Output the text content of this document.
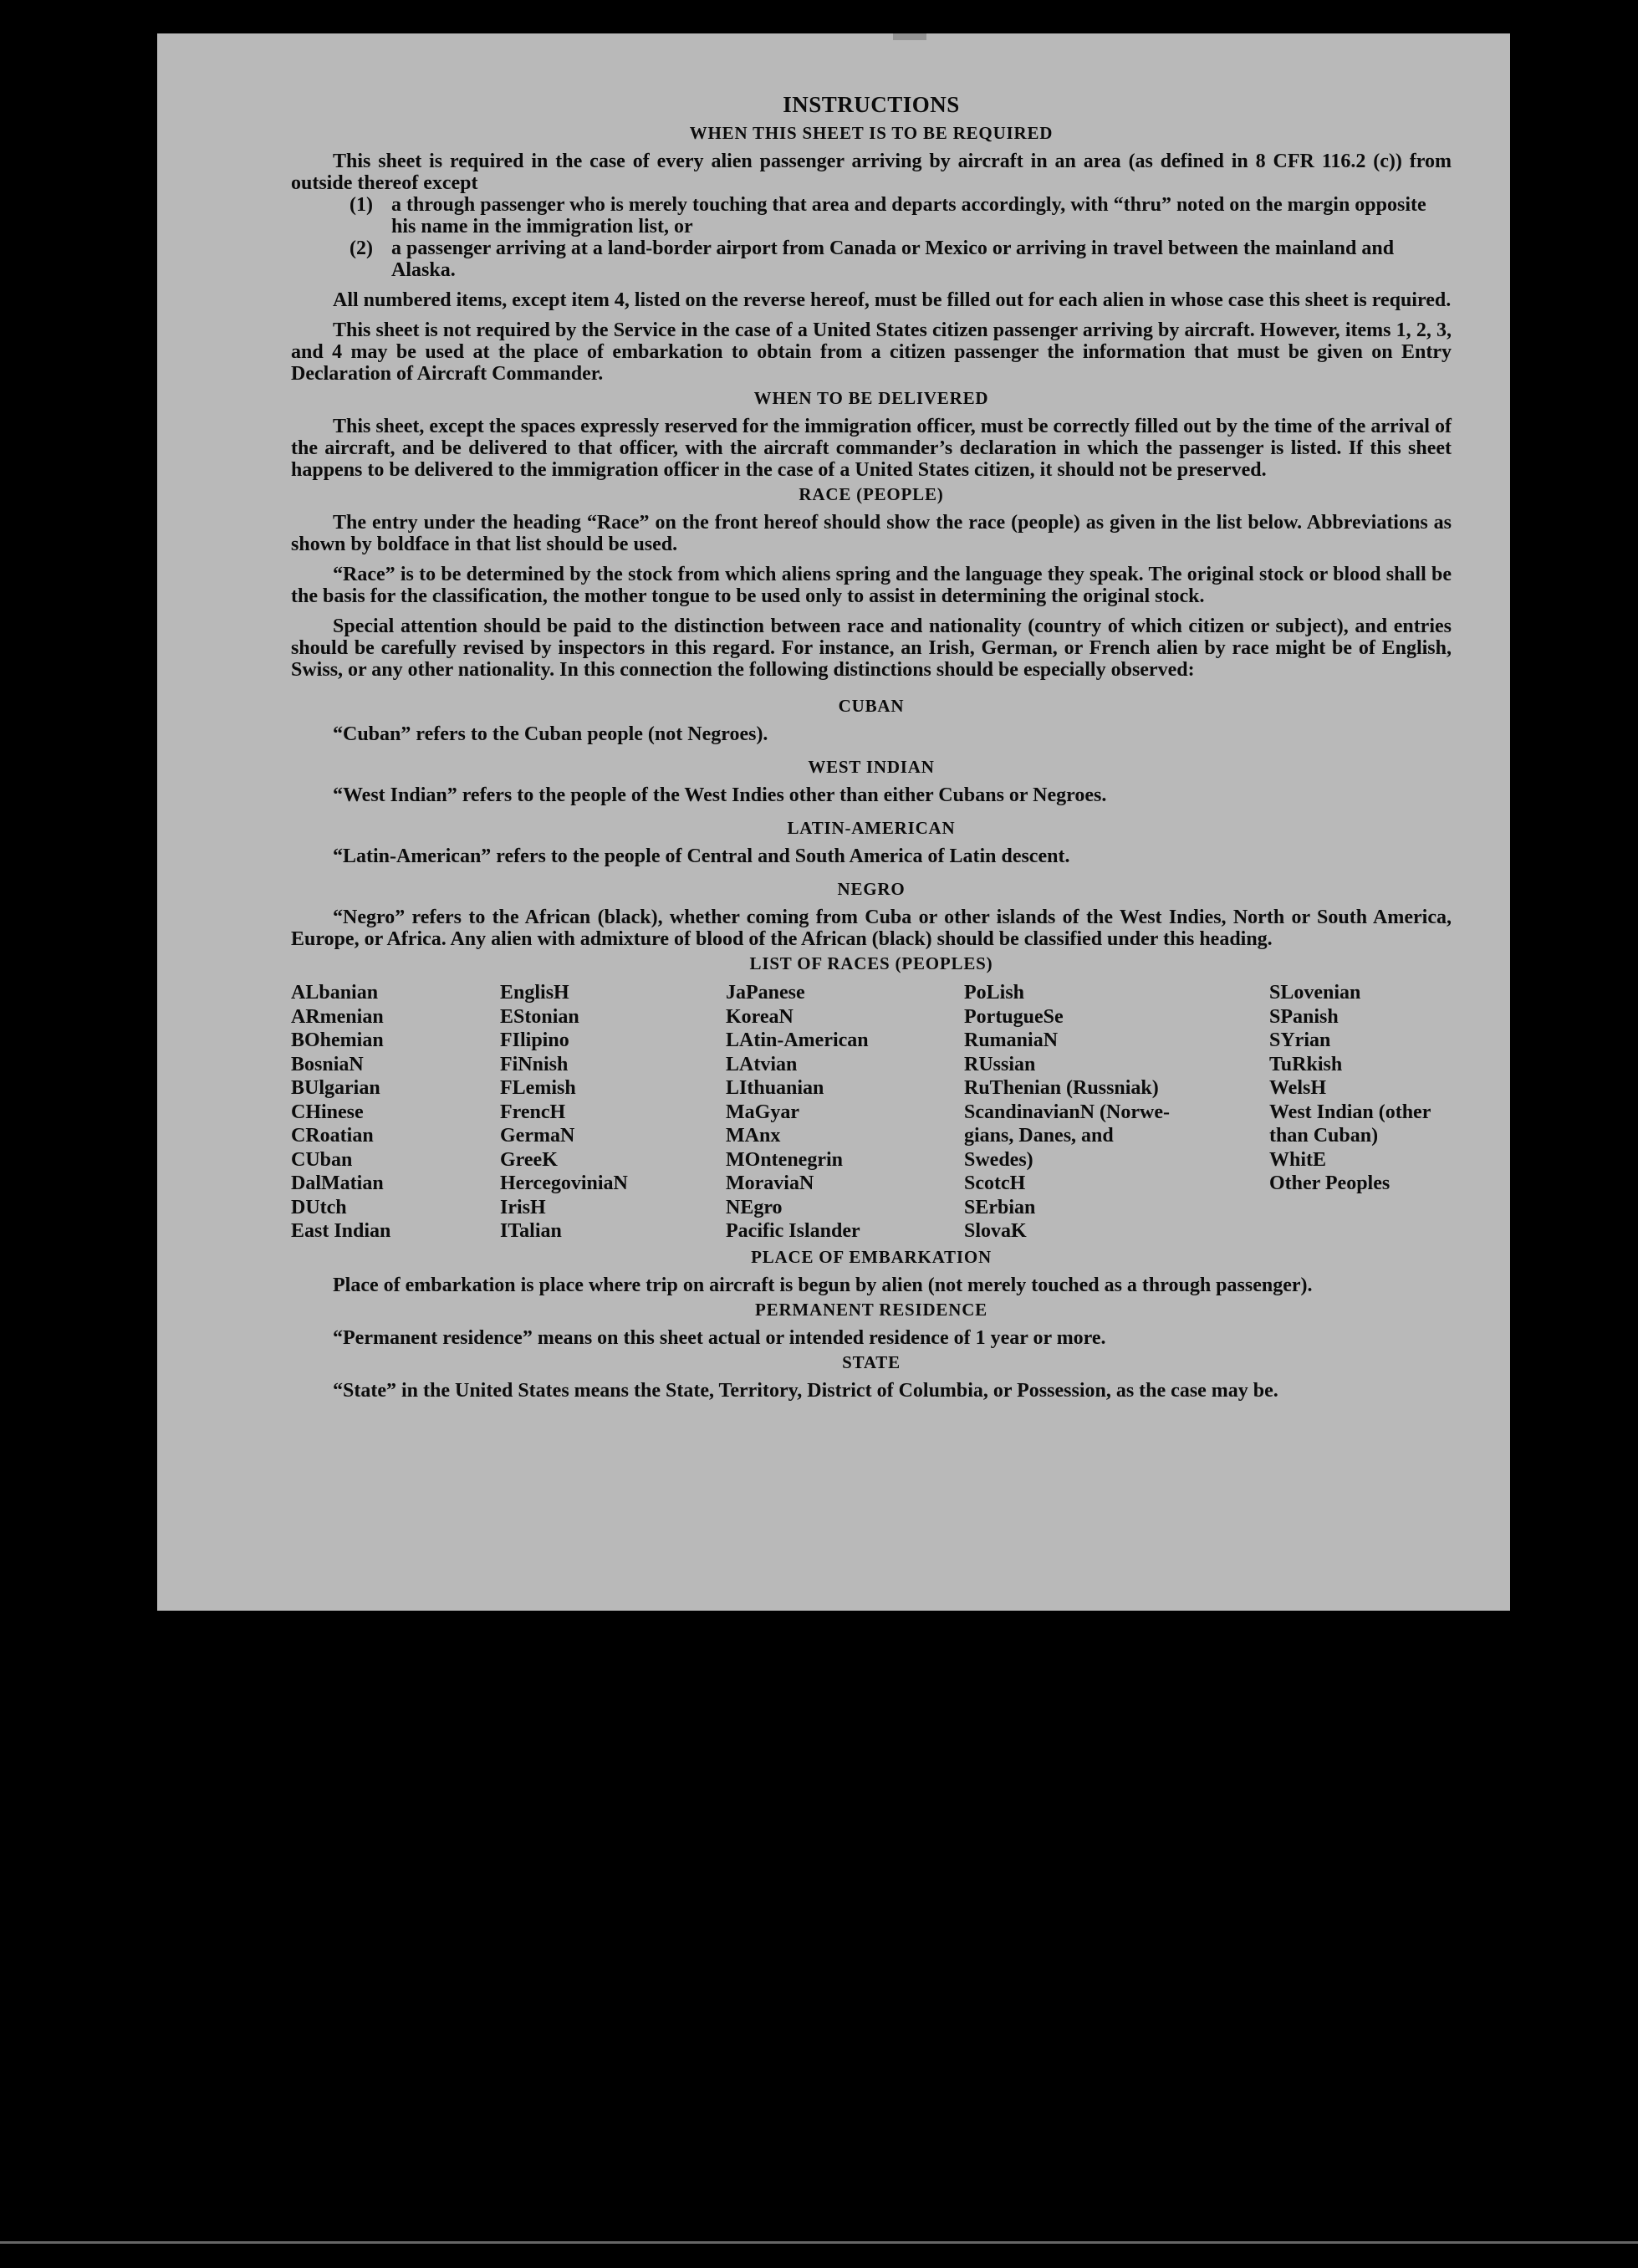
INSTRUCTIONS
WHEN THIS SHEET IS TO BE REQUIRED

This sheet is required in the case of every alien passenger arriving by aircraft in an area (as defined in 8 CFR 116.2 (c)) from outside thereof except

(1) a through passenger who is merely touching that area and departs accordingly, with “thru” noted on the margin opposite his name in the immigration list, or
(2) a passenger arriving at a land-border airport from Canada or Mexico or arriving in travel between the mainland and Alaska.

All numbered items, except item 4, listed on the reverse hereof, must be filled out for each alien in whose case this sheet is required.

This sheet is not required by the Service in the case of a United States citizen passenger arriving by aircraft. However, items 1, 2, 3, and 4 may be used at the place of embarkation to obtain from a citizen passenger the information that must be given on Entry Declaration of Aircraft Commander.

WHEN TO BE DELIVERED

This sheet, except the spaces expressly reserved for the immigration officer, must be correctly filled out by the time of the arrival of the aircraft, and be delivered to that officer, with the aircraft commander’s declaration in which the passenger is listed. If this sheet happens to be delivered to the immigration officer in the case of a United States citizen, it should not be preserved.

RACE (PEOPLE)

The entry under the heading “Race” on the front hereof should show the race (people) as given in the list below. Abbreviations as shown by boldface in that list should be used.

“Race” is to be determined by the stock from which aliens spring and the language they speak. The original stock or blood shall be the basis for the classification, the mother tongue to be used only to assist in determining the original stock.

Special attention should be paid to the distinction between race and nationality (country of which citizen or subject), and entries should be carefully revised by inspectors in this regard. For instance, an Irish, German, or French alien by race might be of English, Swiss, or any other nationality. In this connection the following distinctions should be especially observed:

CUBAN

“Cuban” refers to the Cuban people (not Negroes).

WEST INDIAN

“West Indian” refers to the people of the West Indies other than either Cubans or Negroes.

LATIN-AMERICAN

“Latin-American” refers to the people of Central and South America of Latin descent.

NEGRO

“Negro” refers to the African (black), whether coming from Cuba or other islands of the West Indies, North or South America, Europe, or Africa. Any alien with admixture of blood of the African (black) should be classified under this heading.

LIST OF RACES (PEOPLES)
ALbanian
ARmenian
BOhemian
BosniaN
BUlgarian
CHinese
CRoatian
CUban
DalMatian
DUtch
East Indian
EnglisH
EStonian
FIlipino
FiNnish
FLemish
FrencH
GermaN
GreeK
HercegoviniaN
IrisH
ITalian
JaPanese
KoreaN
LAtin-American
LAtvian
LIthuanian
MaGyar
MAnx
MOntenegrin
MoraviaN
NEgro
Pacific Islander
PoLish
PortugueSe
RumaniaN
RUssian
RuThenian (Russniak)
ScandinavianN (Norwe-
gians, Danes, and
Swedes)
ScotcH
SErbian
SlovaK
SLovenian
SPanish
SYrian
TuRkish
WelsH
West Indian (other
than Cuban)
WhitE
Other Peoples
PLACE OF EMBARKATION

Place of embarkation is place where trip on aircraft is begun by alien (not merely touched as a through passenger).

PERMANENT RESIDENCE

“Permanent residence” means on this sheet actual or intended residence of 1 year or more.

STATE

“State” in the United States means the State, Territory, District of Columbia, or Possession, as the case may be.
